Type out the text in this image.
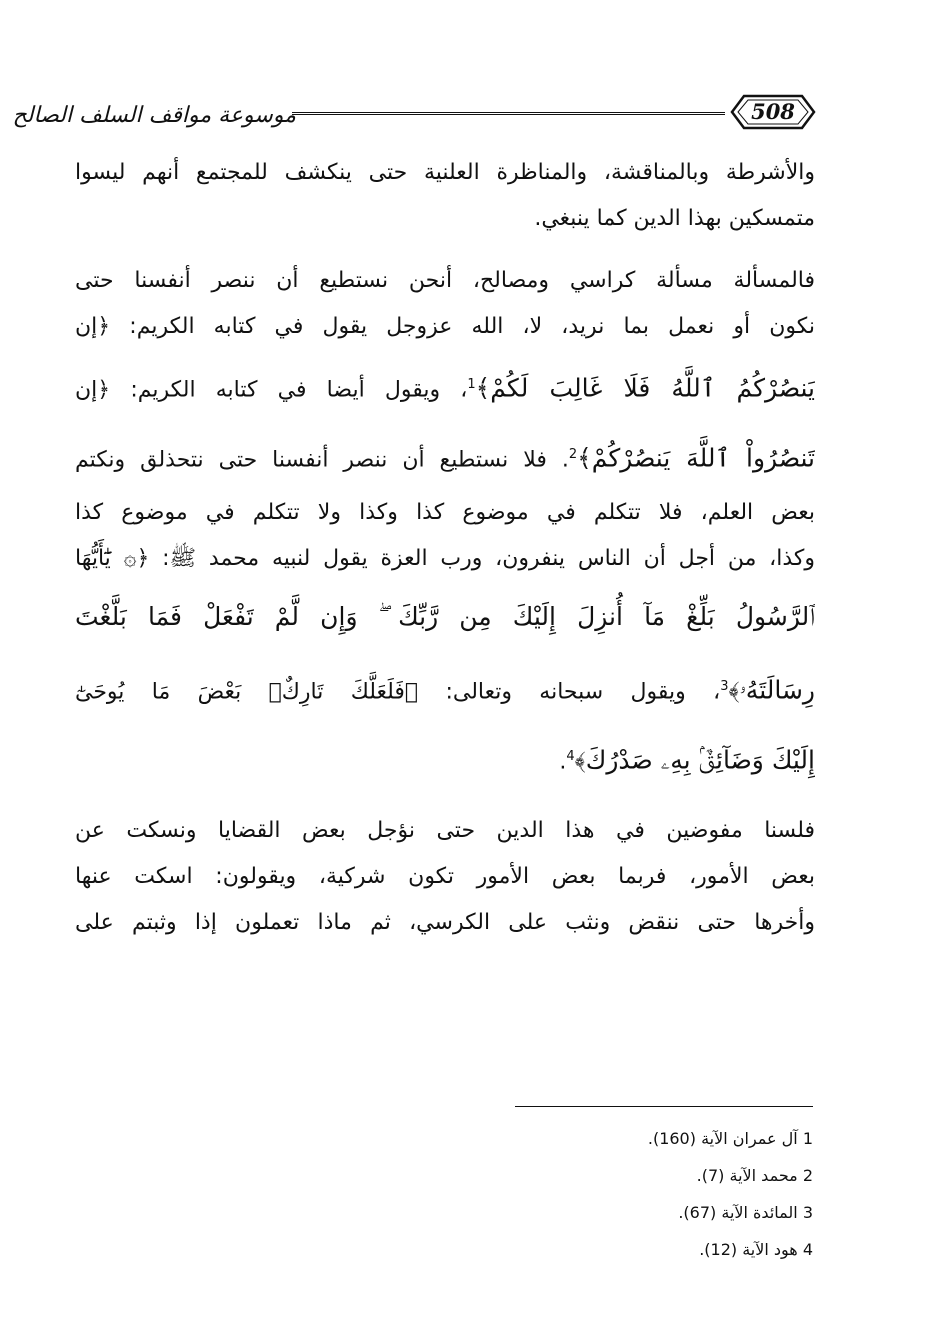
موسوعة مواقف السلف الصالح	508
والأشرطة وبالمناقشة، والمناظرة العلنية حتى ينكشف للمجتمع أنهم ليسوا
متمسكين بهذا الدين كما ينبغي.
فالمسألة مسألة كراسي ومصالح، أنحن نستطيع أن ننصر أنفسنا حتى
نكون أو نعمل بما نريد، لا، الله عزوجل يقول في كتابه الكريم: ﴿إن
يَنصُرْكُمُ ٱللَّهُ فَلَا غَالِبَ لَكُمْ﴾$^1$، ويقول أيضا في كتابه الكريم: ﴿إن
تَنصُرُواْ ٱللَّهَ يَنصُرْكُمْ﴾$^2$. فلا نستطيع أن ننصر أنفسنا حتى نتحذلق ونكتم
بعض العلم، فلا تتكلم في موضوع كذا وكذا ولا تتكلم في موضوع كذا
وكذا، من أجل أن الناس ينفرون، ورب العزة يقول لنبيه محمد ﷺ: ﴿۞ يَٰٓأَيُّهَا
ٱلرَّسُولُ بَلِّغْ مَآ أُنزِلَ إِلَيْكَ مِن رَّبِّكَ ۖ وَإِن لَّمْ تَفْعَلْ فَمَا بَلَّغْتَ
رِسَالَتَهُۥ﴾$^3$، ويقول سبحانه وتعالى: ﴿فَلَعَلَّكَ تَارِكٌۢ بَعْضَ مَا يُوحَىٰٓ
إِلَيْكَ وَضَآئِقٌۢ بِهِۦ صَدْرُكَ﴾$^4$.
فلسنا مفوضين في هذا الدين حتى نؤجل بعض القضايا ونسكت عن
بعض الأمور، فربما بعض الأمور تكون شركية، ويقولون: اسكت عنها
وأخرها حتى ننقض ونثب على الكرسي، ثم ماذا تعملون إذا وثبتم على
1 آل عمران الآية (160).
2 محمد الآية (7).
3 المائدة الآية (67).
4 هود الآية (12).
